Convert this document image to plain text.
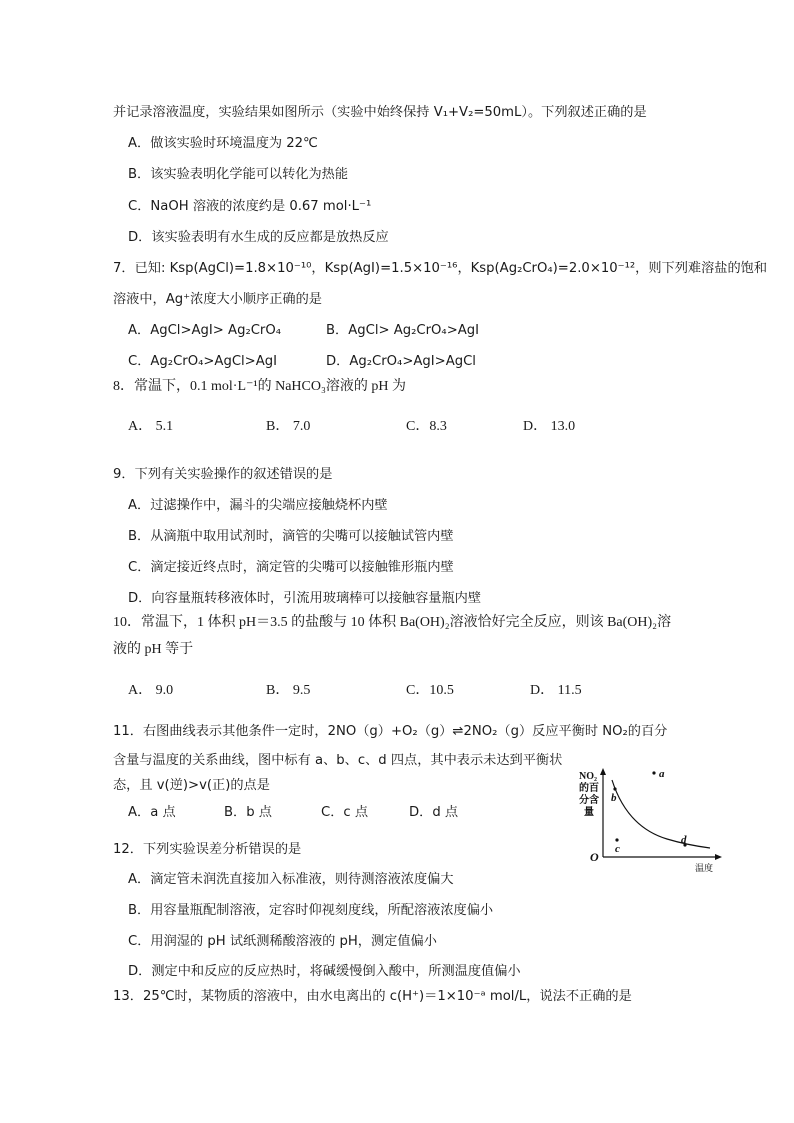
并记录溶液温度，实验结果如图所示（实验中始终保持 V₁+V₂=50mL）。下列叙述正确的是
A．做该实验时环境温度为 22℃
B．该实验表明化学能可以转化为热能
C．NaOH 溶液的浓度约是 0.67 mol·L⁻¹
D．该实验表明有水生成的反应都是放热反应
7．已知: Ksp(AgCl)=1.8×10⁻¹⁰，Ksp(AgI)=1.5×10⁻¹⁶，Ksp(Ag₂CrO₄)=2.0×10⁻¹²，则下列难溶盐的饱和
溶液中，Ag⁺浓度大小顺序正确的是
A．AgCl>AgI> Ag₂CrO₄	B．AgCl> Ag₂CrO₄>AgI
C．Ag₂CrO₄>AgCl>AgI	D．Ag₂CrO₄>AgI>AgCl
8．常温下，0.1 mol·L⁻¹的 NaHCO₃溶液的 pH 为
A． 5.1	B． 7.0	C．8.3	D． 13.0
9．下列有关实验操作的叙述错误的是
A．过滤操作中，漏斗的尖端应接触烧杯内壁
B．从滴瓶中取用试剂时，滴管的尖嘴可以接触试管内壁
C．滴定接近终点时，滴定管的尖嘴可以接触锥形瓶内壁
D．向容量瓶转移液体时，引流用玻璃棒可以接触容量瓶内壁
10．常温下，1 体积 pH＝3.5 的盐酸与 10 体积 Ba(OH)₂溶液恰好完全反应，则该 Ba(OH)₂溶
液的 pH 等于
A． 9.0	B． 9.5	C．10.5	D． 11.5
11．右图曲线表示其他条件一定时，2NO（g）+O₂（g）⇌2NO₂（g）反应平衡时 NO₂的百分
含量与温度的关系曲线，图中标有 a、b、c、d 四点，其中表示未达到平衡状
态，且 v(逆)>v(正)的点是
A．a 点	B．b 点	C．c 点	D．d 点
NO₂
的百
分含
量
O
温度
a
b
c
d
12．下列实验误差分析错误的是
A．滴定管未润洗直接加入标准液，则待测溶液浓度偏大
B．用容量瓶配制溶液，定容时仰视刻度线，所配溶液浓度偏小
C．用润湿的 pH 试纸测稀酸溶液的 pH，测定值偏小
D．测定中和反应的反应热时，将碱缓慢倒入酸中，所测温度值偏小
13．25℃时，某物质的溶液中，由水电离出的 c(H⁺)＝1×10⁻ᵃ mol/L，说法不正确的是
